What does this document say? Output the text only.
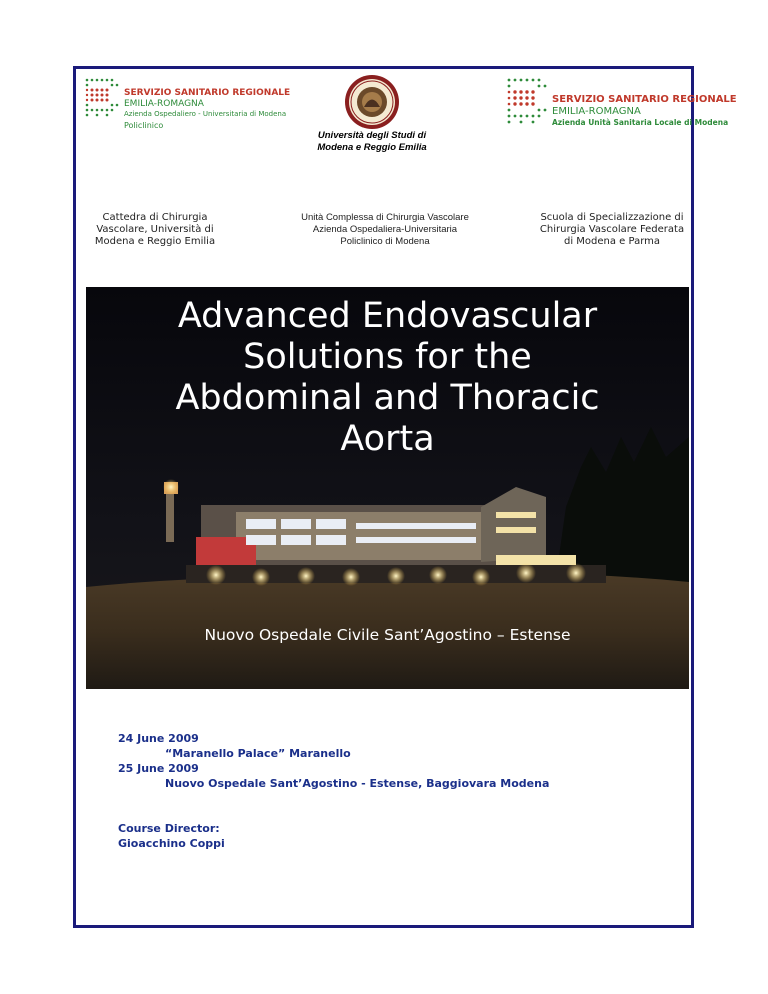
SERVIZIO SANITARIO REGIONALE
EMILIA-ROMAGNA
Azienda Ospedaliero - Universitaria di Modena
Policlinico
Università degli Studi di
Modena e Reggio Emilia
SERVIZIO SANITARIO REGIONALE
EMILIA-ROMAGNA
Azienda Unità Sanitaria Locale di Modena
Cattedra di Chirurgia
Vascolare, Università di
Modena e Reggio Emilia
Unità Complessa di Chirurgia Vascolare
Azienda Ospedaliera-Universitaria
Policlinico di Modena
Scuola di Specializzazione di
Chirurgia Vascolare Federata
di Modena e Parma
Advanced Endovascular
Solutions for the
Abdominal and Thoracic
Aorta
Nuovo Ospedale Civile Sant’Agostino – Estense
24 June 2009
“Maranello Palace” Maranello
25 June 2009
Nuovo Ospedale Sant’Agostino - Estense, Baggiovara Modena
Course Director:
Gioacchino Coppi
